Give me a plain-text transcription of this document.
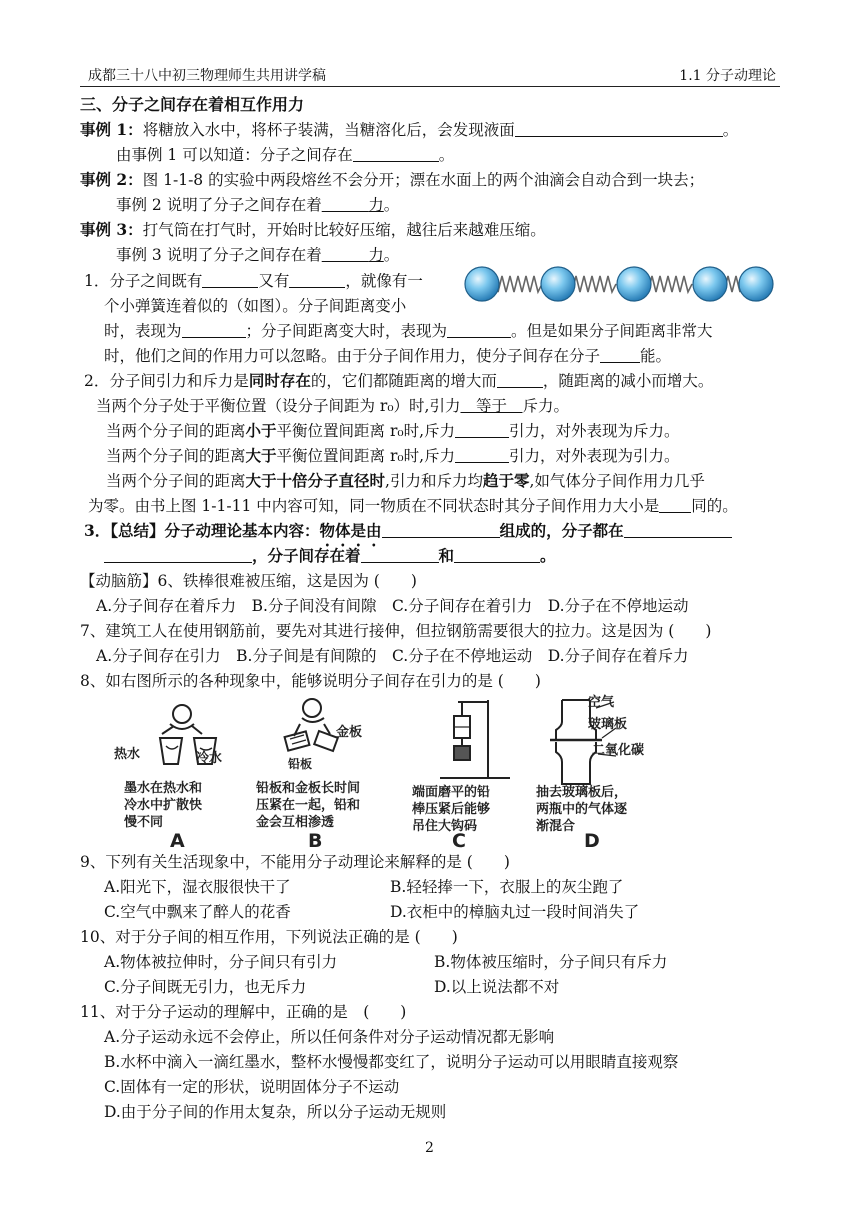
成都三十八中初三物理师生共用讲学稿	1.1 分子动理论
三、分子之间存在着相互作用力
事例 1：将糖放入水中，将杯子装满，当糖溶化后，会发现液面	。
由事例 1 可以知道：分子之间存在	。
事例 2：图 1-1-8 的实验中两段熔丝不会分开；漂在水面上的两个油滴会自动合到一块去；
事例 2 说明了分子之间存在着　　　	力。
事例 3：打气筒在打气时，开始时比较好压缩，越往后来越难压缩。
事例 3 说明了分子之间存在着　　　	力。
1．分子之间既有	又有	，就像有一
个小弹簧连着似的（如图）。分子间距离变小
时，表现为	；分子间距离变大时，表现为	。但是如果分子间距离非常大
时，他们之间的作用力可以忽略。由于分子间作用力，使分子间存在分子	能。
2．分子间引力和斥力是同时存在的，它们都随距离的增大而	，随距离的减小而增大。
当两个分子处于平衡位置（设分子间距为 r₀）时,引力   等于   斥力。
当两个分子间的距离小于平衡位置间距离 r₀时,斥力	引力，对外表现为斥力。
当两个分子间的距离大于平衡位置间距离 r₀时,斥力	引力，对外表现为引力。
当两个分子间的距离大于十倍分子直径时,引力和斥力均趋于零,如气体分子间作用力几乎
为零。由书上图 1-1-11 中内容可知，同一物质在不同状态时其分子间作用力大小是 同的。
3．【总结】分子动理论基本内容：物体是由	组成的，分子都在
，分子间存在着	和	。
【动脑筋】6、铁棒很难被压缩，这是因为 (　　)
A.分子间存在着斥力　 B.分子间没有间隙　 C.分子间存在着引力　 D.分子在不停地运动
7、建筑工人在使用钢筋前，要先对其进行接伸，但拉钢筋需要很大的拉力。这是因为 (　　)
A.分子间存在引力　 B.分子间是有间隙的　 C.分子在不停地运动　 D.分子间存在着斥力
8、如右图所示的各种现象中，能够说明分子间存在引力的是 (　　)
热水	冷水	铅板
金板
空气
玻璃板
二氧化碳
墨水在热水和
冷水中扩散快
慢不同
铅板和金板长时间
压紧在一起，铅和
金会互相渗透
端面磨平的铅
棒压紧后能够
吊住大钩码
抽去玻璃板后，
两瓶中的气体逐
渐混合
A	B	C	D
9、下列有关生活现象中，不能用分子动理论来解释的是 (　　)
A.阳光下，湿衣服很快干了	B.轻轻捧一下，衣服上的灰尘跑了
C.空气中飘来了醉人的花香	D.衣柜中的樟脑丸过一段时间消失了
10、对于分子间的相互作用，下列说法正确的是 (　　)
A.物体被拉伸时，分子间只有引力	B.物体被压缩时，分子间只有斥力
C.分子间既无引力，也无斥力	D.以上说法都不对
11、对于分子运动的理解中，正确的是　(　　)
A.分子运动永远不会停止，所以任何条件对分子运动情况都无影响
B.水杯中滴入一滴红墨水，整杯水慢慢都变红了，说明分子运动可以用眼睛直接观察
C.固体有一定的形状，说明固体分子不运动
D.由于分子间的作用太复杂，所以分子运动无规则
2
